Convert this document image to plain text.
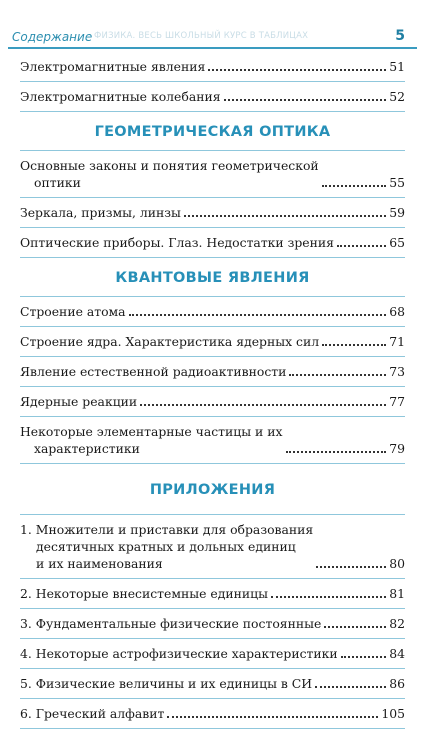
Содержание ФИЗИКА. ВЕСЬ ШКОЛЬНЫЙ КУРС В ТАБЛИЦАХ	5
Электромагнитные явления	51
Электромагнитные колебания	52
ГЕОМЕТРИЧЕСКАЯ ОПТИКА
Основные законы и понятия геометрической
оптики	55
Зеркала, призмы, линзы	59
Оптические приборы. Глаз. Недостатки зрения	65
КВАНТОВЫЕ ЯВЛЕНИЯ
Строение атома	68
Строение ядра. Характеристика ядерных сил	71
Явление естественной радиоактивности	73
Ядерные реакции	77
Некоторые элементарные частицы и их
характеристики	79
ПРИЛОЖЕНИЯ
1. Множители и приставки для образования
десятичных кратных и дольных единиц
и их наименования	80
2. Некоторые внесистемные единицы	81
3. Фундаментальные физические постоянные	82
4. Некоторые астрофизические характеристики	84
5. Физические величины и их единицы в СИ	86
6. Греческий алфавит	105
